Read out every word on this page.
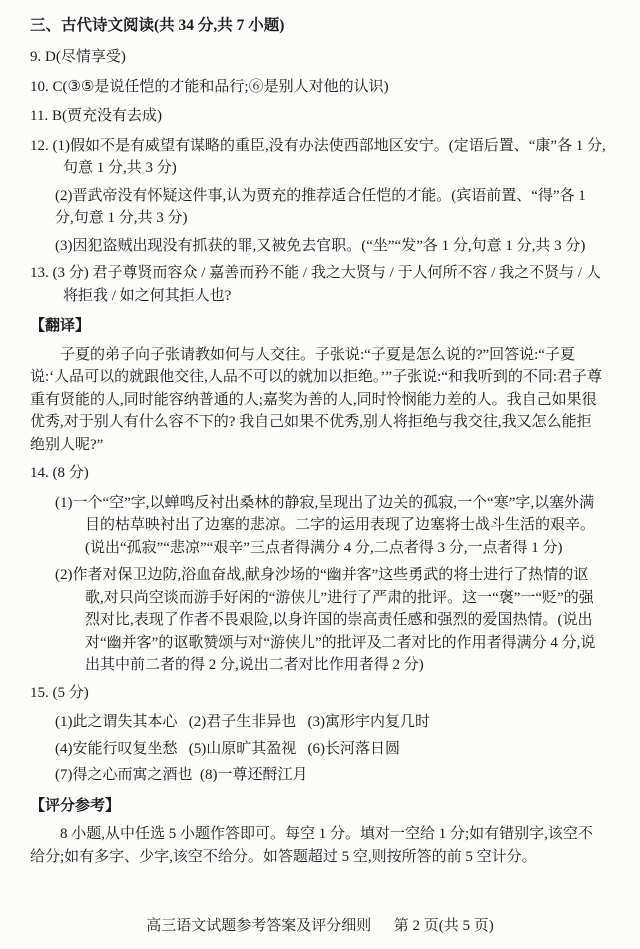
三、古代诗文阅读(共 34 分,共 7 小题)
9. D(尽情享受)
10. C(③⑤是说任恺的才能和品行;⑥是别人对他的认识)
11. B(贾充没有去成)
12. (1)假如不是有威望有谋略的重臣,没有办法使西部地区安宁。(定语后置、“康”各 1 分,句意 1 分,共 3 分)
(2)晋武帝没有怀疑这件事,认为贾充的推荐适合任恺的才能。(宾语前置、“得”各 1 分,句意 1 分,共 3 分)
(3)因犯盗贼出现没有抓获的罪,又被免去官职。(“坐”“发”各 1 分,句意 1 分,共 3 分)
13. (3 分) 君子尊贤而容众 / 嘉善而矜不能 / 我之大贤与 / 于人何所不容 / 我之不贤与 / 人将拒我 / 如之何其拒人也?
【翻译】
子夏的弟子向子张请教如何与人交往。子张说:“子夏是怎么说的?”回答说:“子夏说:‘人品可以的就跟他交往,人品不可以的就加以拒绝。’”子张说:“和我听到的不同:君子尊重有贤能的人,同时能容纳普通的人;嘉奖为善的人,同时怜悯能力差的人。我自己如果很优秀,对于别人有什么容不下的? 我自己如果不优秀,别人将拒绝与我交往,我又怎么能拒绝别人呢?”
14. (8 分)
(1)一个“空”字,以蝉鸣反衬出桑林的静寂,呈现出了边关的孤寂,一个“寒”字,以塞外满目的枯草映衬出了边塞的悲凉。二字的运用表现了边塞将士战斗生活的艰辛。(说出“孤寂”“悲凉”“艰辛”三点者得满分 4 分,二点者得 3 分,一点者得 1 分)
(2)作者对保卫边防,浴血奋战,献身沙场的“幽并客”这些勇武的将士进行了热情的讴歌,对只尚空谈而游手好闲的“游侠儿”进行了严肃的批评。这一“褒”一“贬”的强烈对比,表现了作者不畏艰险,以身许国的崇高责任感和强烈的爱国热情。(说出对“幽并客”的讴歌赞颂与对“游侠儿”的批评及二者对比的作用者得满分 4 分,说出其中前二者的得 2 分,说出二者对比作用者得 2 分)
15. (5 分)
(1)此之谓失其本心   (2)君子生非异也   (3)寓形宇内复几时
(4)安能行叹复坐愁   (5)山原旷其盈视   (6)长河落日圆
(7)得之心而寓之酒也  (8)一尊还酹江月
【评分参考】
8 小题,从中任选 5 小题作答即可。每空 1 分。填对一空给 1 分;如有错别字,该空不给分;如有多字、少字,该空不给分。如答题超过 5 空,则按所答的前 5 空计分。
高三语文试题参考答案及评分细则 第 2 页(共 5 页)
